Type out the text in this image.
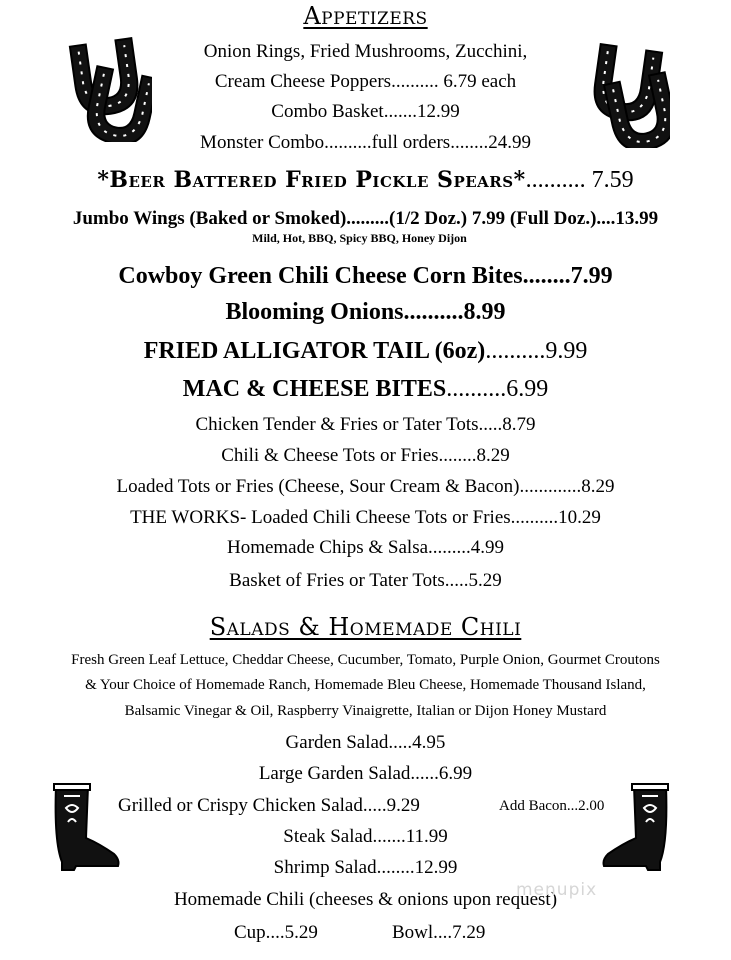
Appetizers
Onion Rings, Fried Mushrooms, Zucchini,
Cream Cheese Poppers.......... 6.79 each
Combo Basket.......12.99
Monster Combo..........full orders........24.99
*Beer Battered Fried Pickle Spears*.......... 7.59
Jumbo Wings (Baked or Smoked).........(1/2 Doz.) 7.99 (Full Doz.)....13.99
Mild, Hot, BBQ, Spicy BBQ, Honey Dijon
Cowboy Green Chili Cheese Corn Bites........7.99
Blooming Onions..........8.99
FRIED ALLIGATOR TAIL (6oz)..........9.99
MAC & CHEESE BITES..........6.99
Chicken Tender & Fries or Tater Tots.....8.79
Chili & Cheese Tots or Fries........8.29
Loaded Tots or Fries (Cheese, Sour Cream & Bacon).............8.29
THE WORKS- Loaded Chili Cheese Tots or Fries..........10.29
Homemade Chips & Salsa.........4.99
Basket of Fries or Tater Tots.....5.29
Salads & Homemade Chili
Fresh Green Leaf Lettuce, Cheddar Cheese, Cucumber, Tomato, Purple Onion, Gourmet Croutons
& Your Choice of Homemade Ranch, Homemade Bleu Cheese, Homemade Thousand Island,
Balsamic Vinegar & Oil, Raspberry Vinaigrette, Italian or Dijon Honey Mustard
Garden Salad.....4.95
Large Garden Salad......6.99
Grilled or Crispy Chicken Salad.....9.29	Add Bacon...2.00
Steak Salad.......11.99
Shrimp Salad........12.99
Homemade Chili (cheeses & onions upon request)
Cup....5.29	Bowl....7.29
menupix
